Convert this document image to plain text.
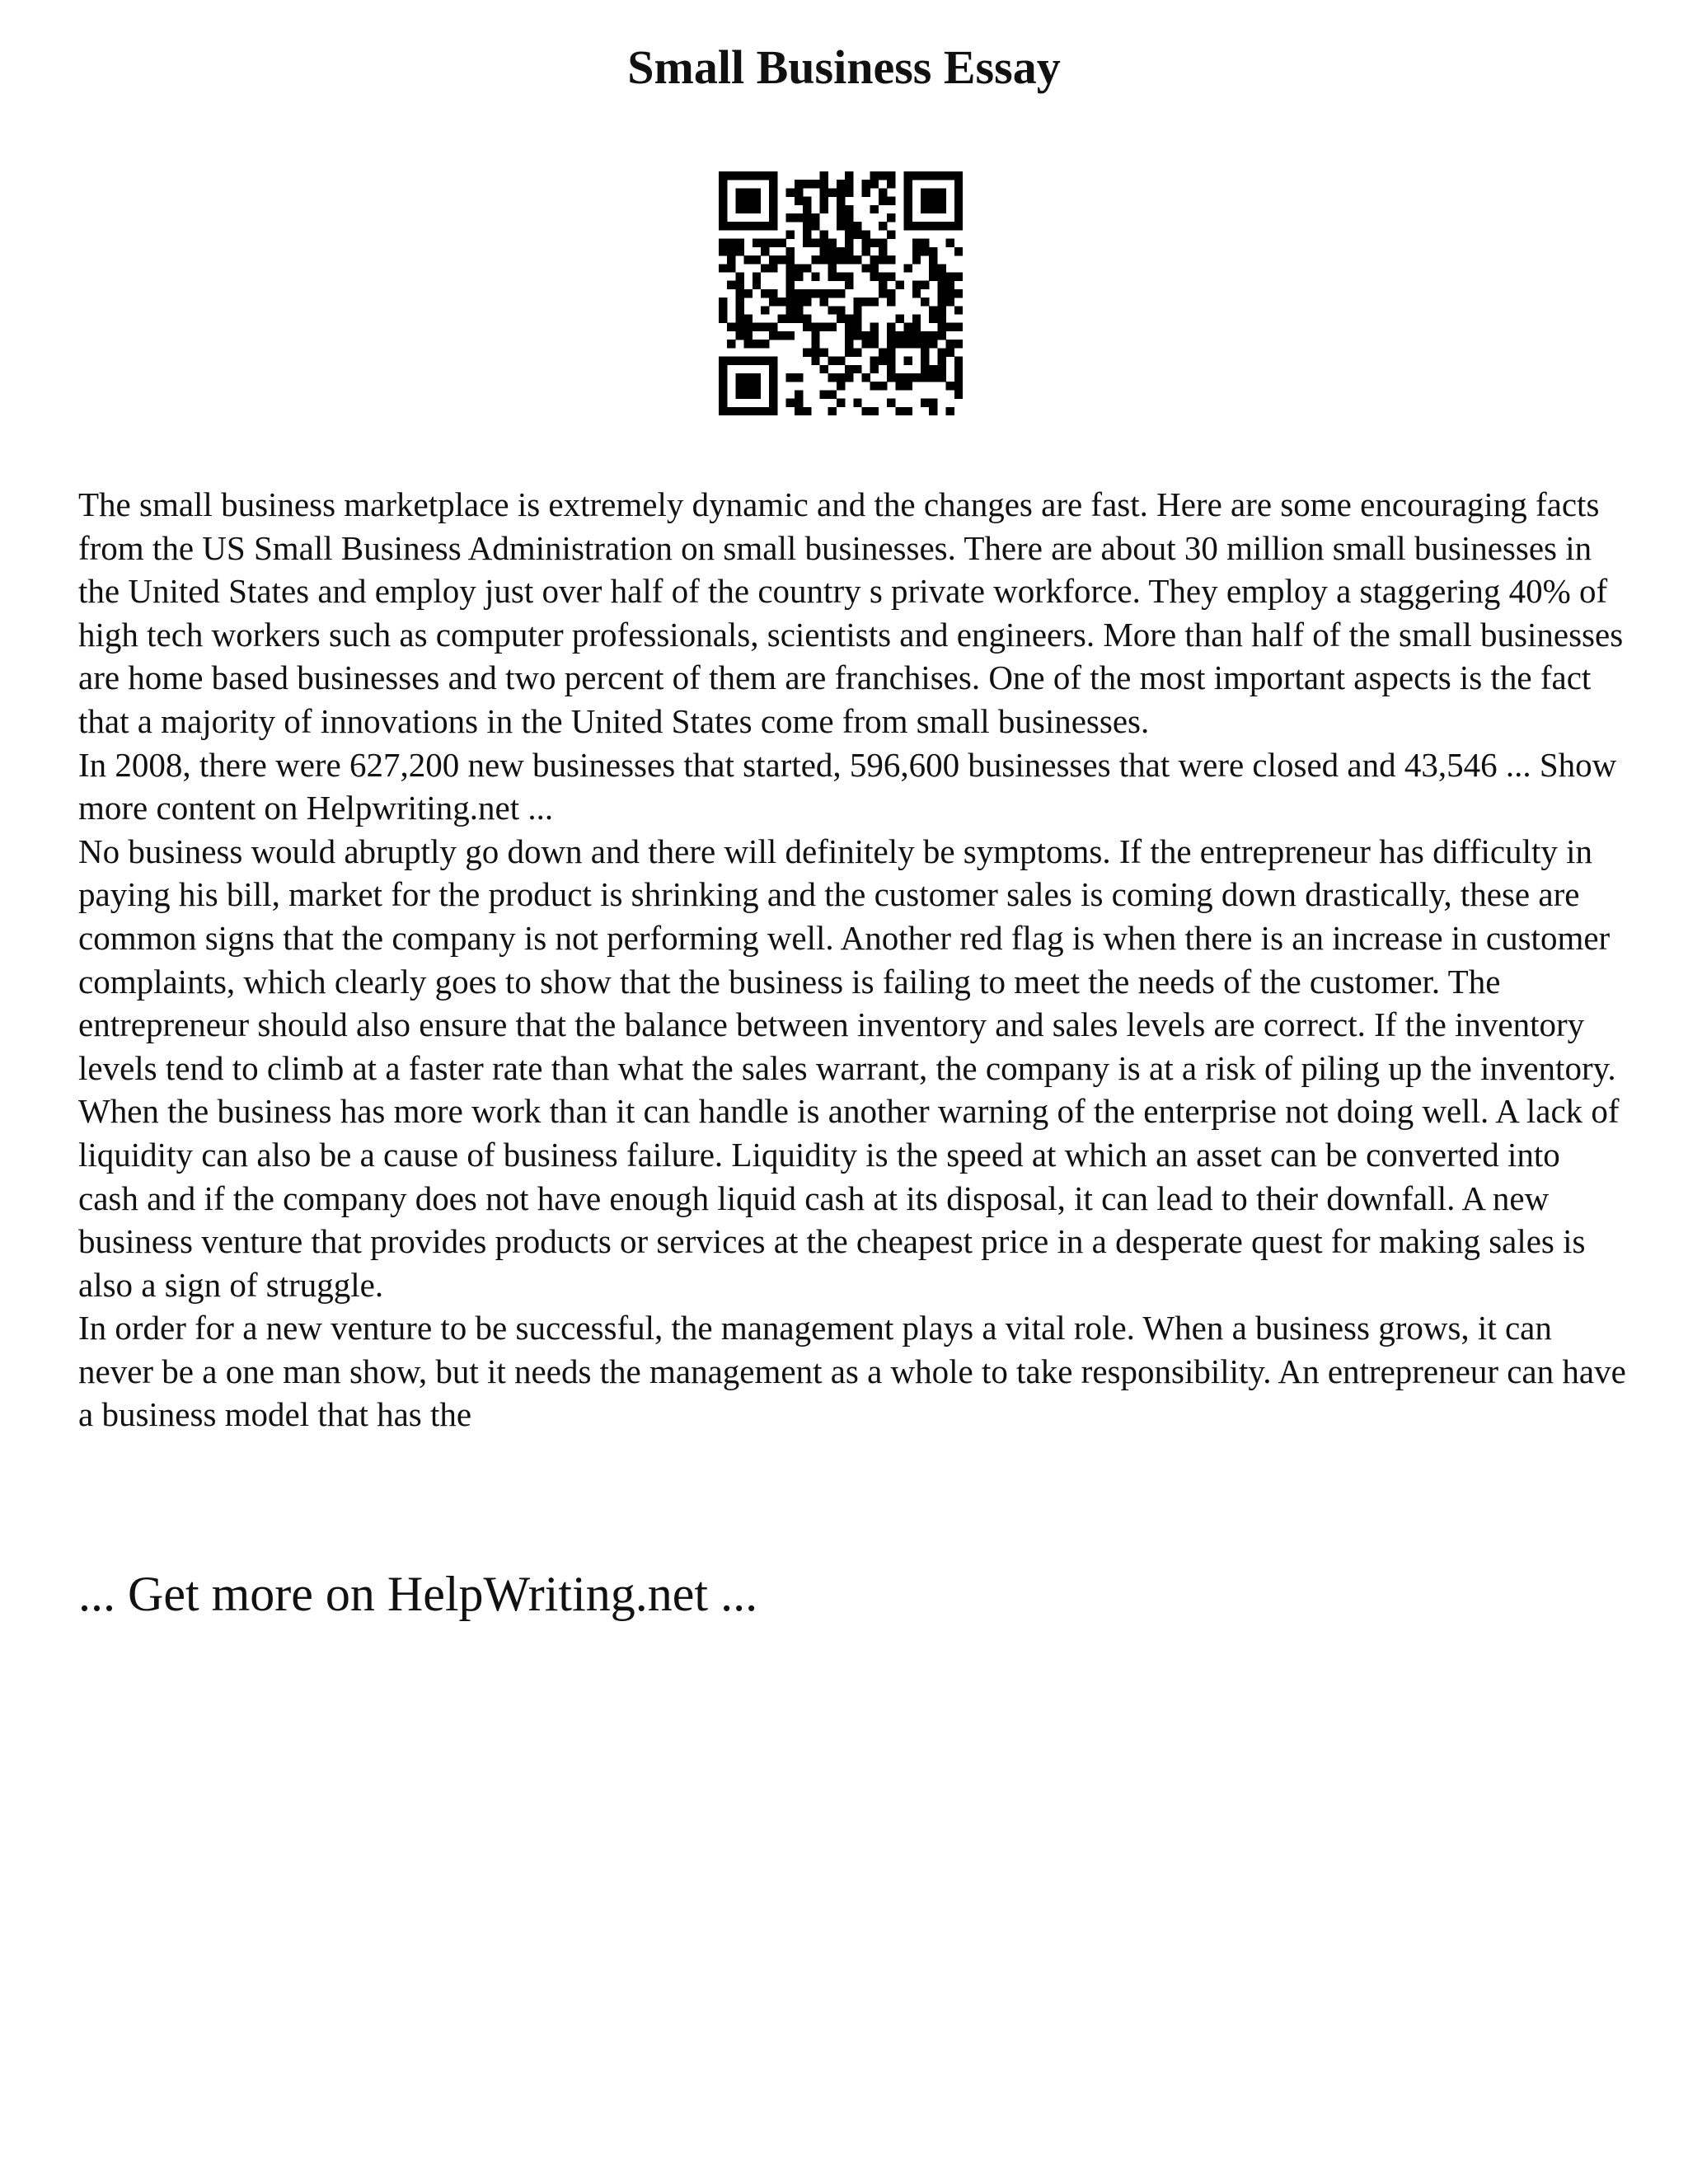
Small Business Essay

The small business marketplace is extremely dynamic and the changes are fast. Here are some encouraging facts from the US Small Business Administration on small businesses. There are about 30 million small businesses in the United States and employ just over half of the country s private workforce. They employ a staggering 40% of high tech workers such as computer professionals, scientists and engineers. More than half of the small businesses are home based businesses and two percent of them are franchises. One of the most important aspects is the fact that a majority of innovations in the United States come from small businesses.

In 2008, there were 627,200 new businesses that started, 596,600 businesses that were closed and 43,546 ... Show more content on Helpwriting.net ...

No business would abruptly go down and there will definitely be symptoms. If the entrepreneur has difficulty in paying his bill, market for the product is shrinking and the customer sales is coming down drastically, these are common signs that the company is not performing well. Another red flag is when there is an increase in customer complaints, which clearly goes to show that the business is failing to meet the needs of the customer. The entrepreneur should also ensure that the balance between inventory and sales levels are correct. If the inventory levels tend to climb at a faster rate than what the sales warrant, the company is at a risk of piling up the inventory. When the business has more work than it can handle is another warning of the enterprise not doing well. A lack of liquidity can also be a cause of business failure. Liquidity is the speed at which an asset can be converted into cash and if the company does not have enough liquid cash at its disposal, it can lead to their downfall. A new business venture that provides products or services at the cheapest price in a desperate quest for making sales is also a sign of struggle.

In order for a new venture to be successful, the management plays a vital role. When a business grows, it can never be a one man show, but it needs the management as a whole to take responsibility. An entrepreneur can have a business model that has the

... Get more on HelpWriting.net ...
